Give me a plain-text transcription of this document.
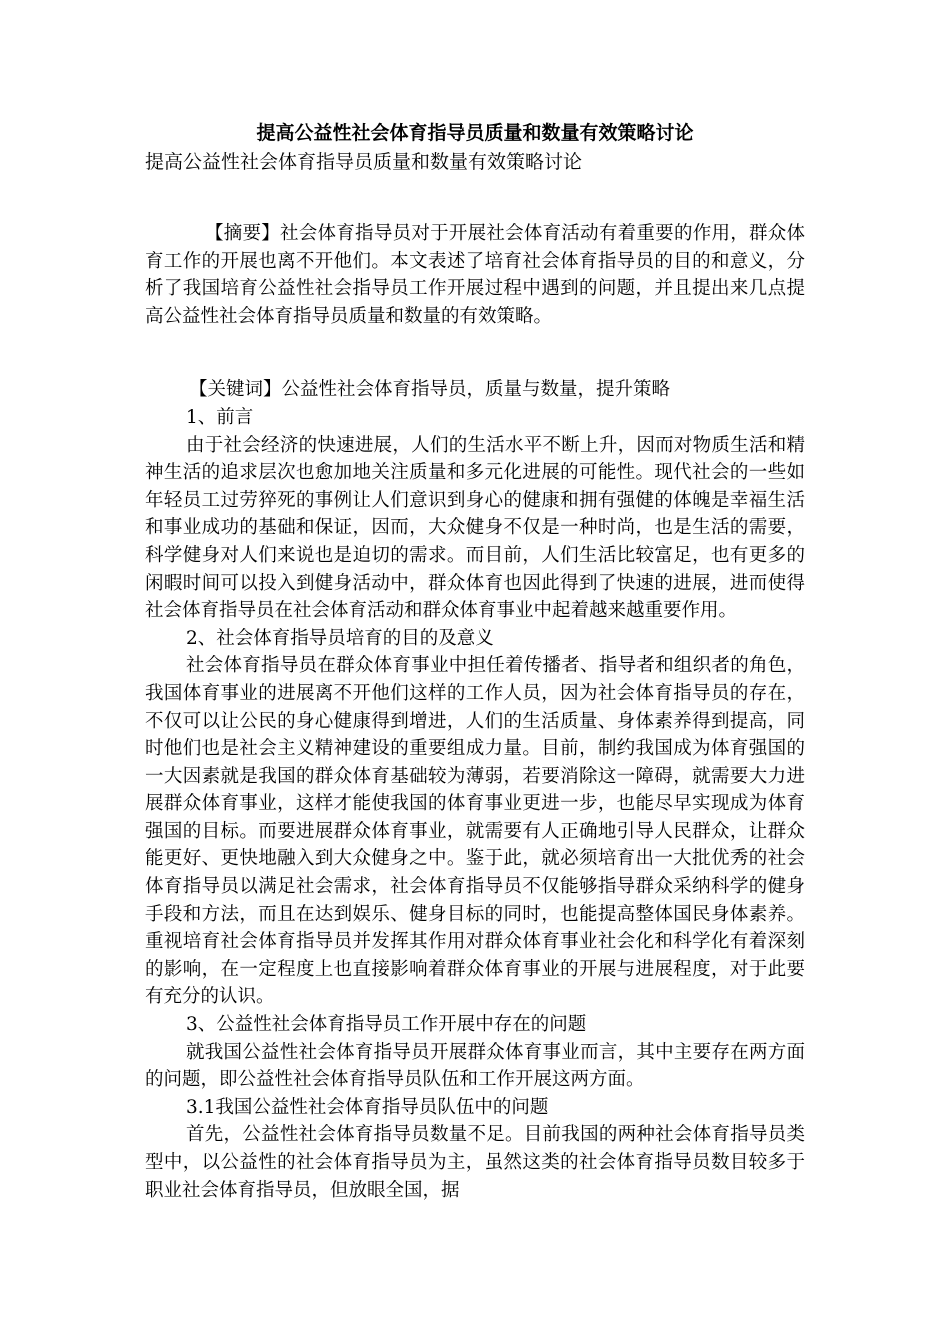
提高公益性社会体育指导员质量和数量有效策略讨论
提高公益性社会体育指导员质量和数量有效策略讨论

【摘要】社会体育指导员对于开展社会体育活动有着重要的作用，群众体育工作的开展也离不开他们。本文表述了培育社会体育指导员的目的和意义，分析了我国培育公益性社会指导员工作开展过程中遇到的问题，并且提出来几点提高公益性社会体育指导员质量和数量的有效策略。

【关键词】公益性社会体育指导员，质量与数量，提升策略

1、前言

由于社会经济的快速进展，人们的生活水平不断上升，因而对物质生活和精神生活的追求层次也愈加地关注质量和多元化进展的可能性。现代社会的一些如年轻员工过劳猝死的事例让人们意识到身心的健康和拥有强健的体魄是幸福生活和事业成功的基础和保证，因而，大众健身不仅是一种时尚，也是生活的需要，科学健身对人们来说也是迫切的需求。而目前，人们生活比较富足，也有更多的闲暇时间可以投入到健身活动中，群众体育也因此得到了快速的进展，进而使得社会体育指导员在社会体育活动和群众体育事业中起着越来越重要作用。

2、社会体育指导员培育的目的及意义

社会体育指导员在群众体育事业中担任着传播者、指导者和组织者的角色，我国体育事业的进展离不开他们这样的工作人员，因为社会体育指导员的存在，不仅可以让公民的身心健康得到增进，人们的生活质量、身体素养得到提高，同时他们也是社会主义精神建设的重要组成力量。目前，制约我国成为体育强国的一大因素就是我国的群众体育基础较为薄弱，若要消除这一障碍，就需要大力进展群众体育事业，这样才能使我国的体育事业更进一步，也能尽早实现成为体育强国的目标。而要进展群众体育事业，就需要有人正确地引导人民群众，让群众能更好、更快地融入到大众健身之中。鉴于此，就必须培育出一大批优秀的社会体育指导员以满足社会需求，社会体育指导员不仅能够指导群众采纳科学的健身手段和方法，而且在达到娱乐、健身目标的同时，也能提高整体国民身体素养。重视培育社会体育指导员并发挥其作用对群众体育事业社会化和科学化有着深刻的影响，在一定程度上也直接影响着群众体育事业的开展与进展程度，对于此要有充分的认识。

3、公益性社会体育指导员工作开展中存在的问题

就我国公益性社会体育指导员开展群众体育事业而言，其中主要存在两方面的问题，即公益性社会体育指导员队伍和工作开展这两方面。

3.1我国公益性社会体育指导员队伍中的问题

首先，公益性社会体育指导员数量不足。目前我国的两种社会体育指导员类型中，以公益性的社会体育指导员为主，虽然这类的社会体育指导员数目较多于职业社会体育指导员，但放眼全国，据
